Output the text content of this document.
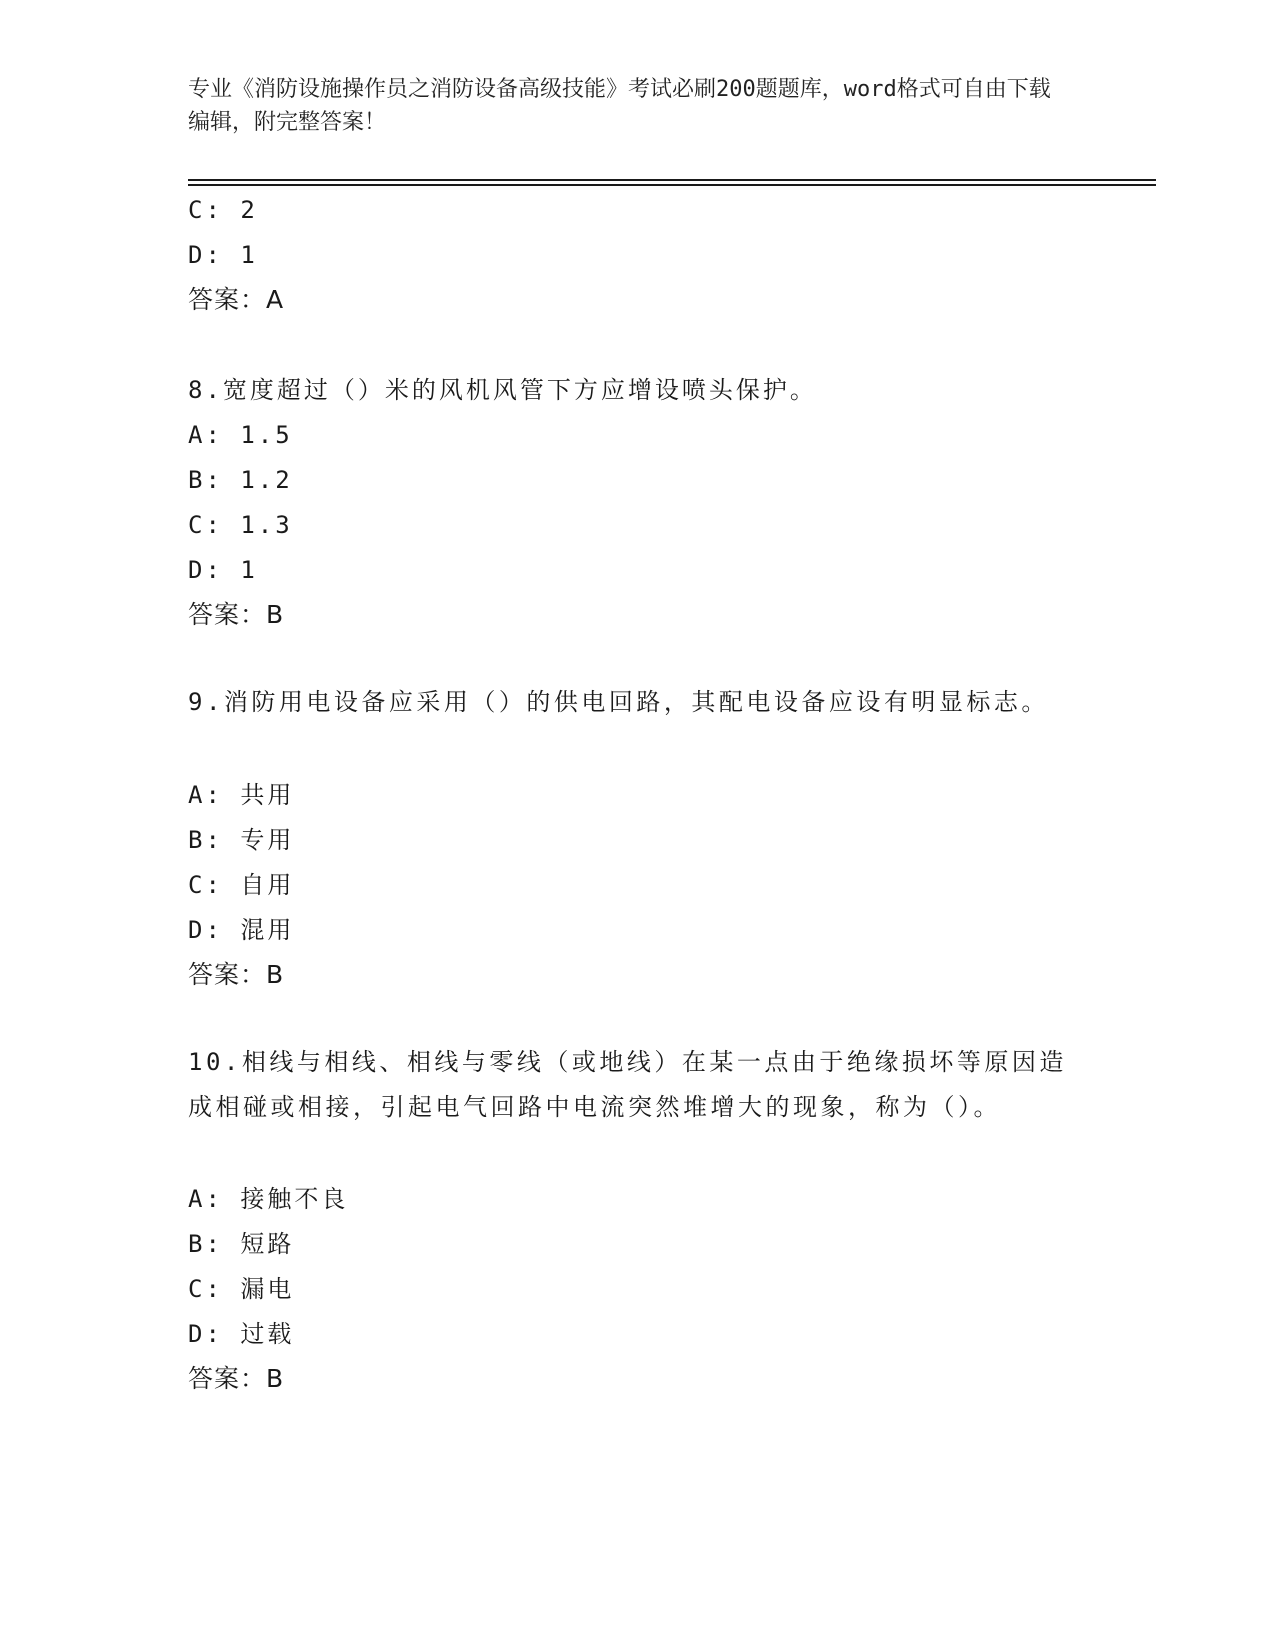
专业《消防设施操作员之消防设备高级技能》考试必刷200题题库，word格式可自由下载编辑，附完整答案！
C: 2
D: 1
答案：A
8.宽度超过（）米的风机风管下方应增设喷头保护。
A: 1.5
B: 1.2
C: 1.3
D: 1
答案：B
9.消防用电设备应采用（）的供电回路，其配电设备应设有明显标志。
A: 共用
B: 专用
C: 自用
D: 混用
答案：B
10.相线与相线、相线与零线（或地线）在某一点由于绝缘损坏等原因造成相碰或相接，引起电气回路中电流突然堆增大的现象，称为（）。
A: 接触不良
B: 短路
C: 漏电
D: 过载
答案：B
